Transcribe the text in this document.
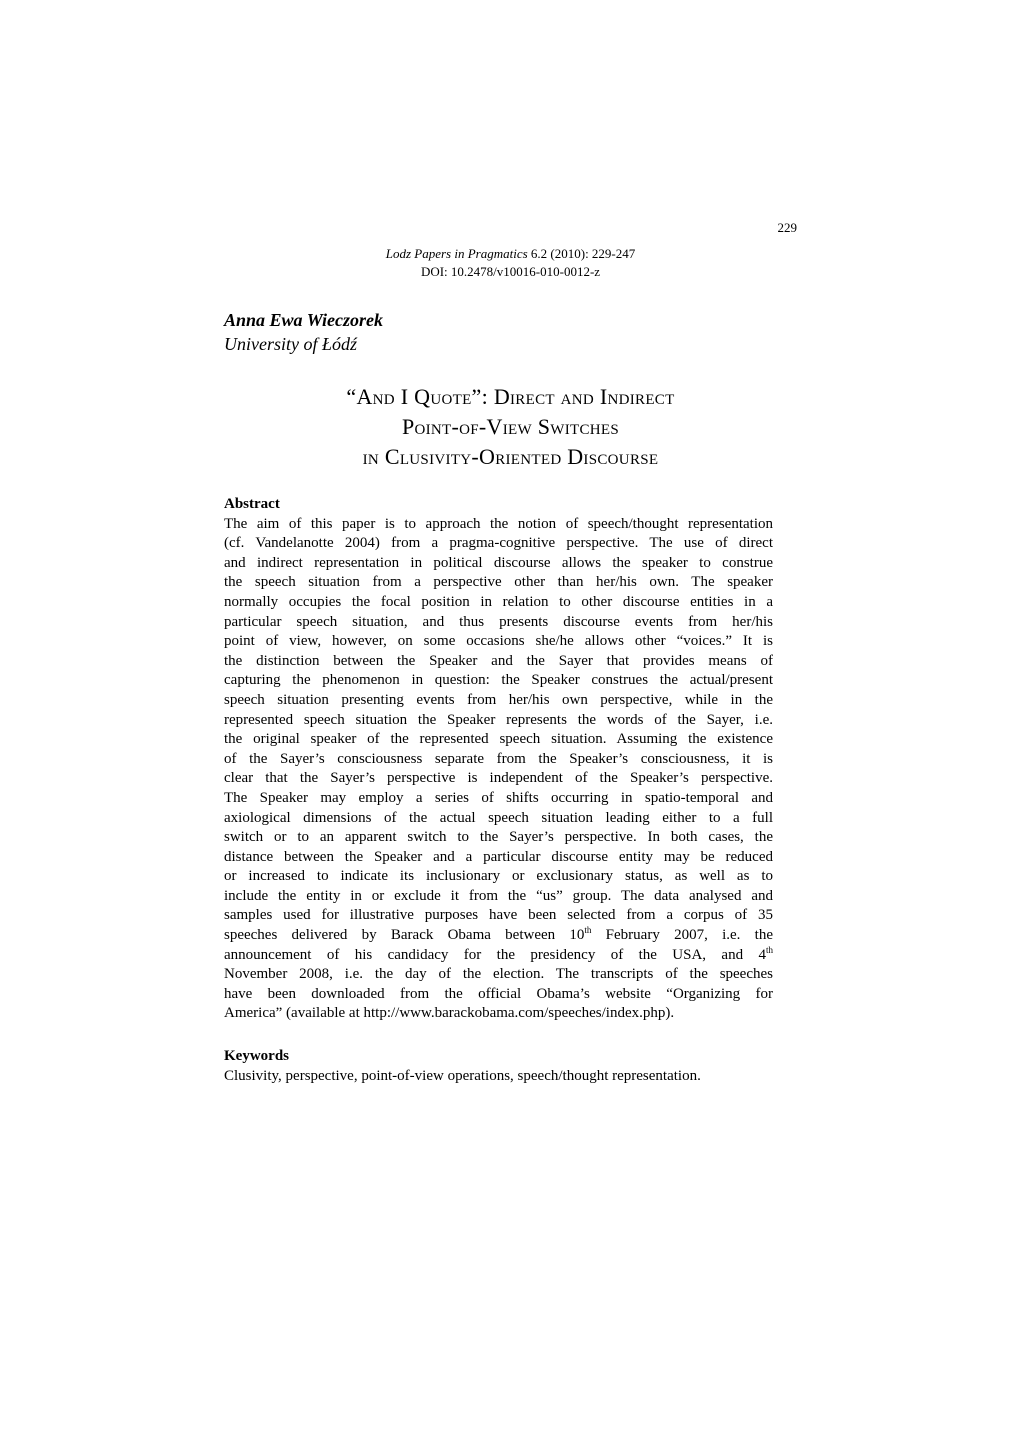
229
Lodz Papers in Pragmatics 6.2 (2010): 229-247
DOI: 10.2478/v10016-010-0012-z
Anna Ewa Wieczorek
University of Łódź
“And I Quote”: Direct and Indirect
Point-of-View Switches
in Clusivity-Oriented Discourse
Abstract
The aim of this paper is to approach the notion of speech/thought representation
(cf. Vandelanotte 2004) from a pragma-cognitive perspective. The use of direct
and indirect representation in political discourse allows the speaker to construe
the speech situation from a perspective other than her/his own. The speaker
normally occupies the focal position in relation to other discourse entities in a
particular speech situation, and thus presents discourse events from her/his
point of view, however, on some occasions she/he allows other “voices.” It is
the distinction between the Speaker and the Sayer that provides means of
capturing the phenomenon in question: the Speaker construes the actual/present
speech situation presenting events from her/his own perspective, while in the
represented speech situation the Speaker represents the words of the Sayer, i.e.
the original speaker of the represented speech situation. Assuming the existence
of the Sayer’s consciousness separate from the Speaker’s consciousness, it is
clear that the Sayer’s perspective is independent of the Speaker’s perspective.
The Speaker may employ a series of shifts occurring in spatio-temporal and
axiological dimensions of the actual speech situation leading either to a full
switch or to an apparent switch to the Sayer’s perspective. In both cases, the
distance between the Speaker and a particular discourse entity may be reduced
or increased to indicate its inclusionary or exclusionary status, as well as to
include the entity in or exclude it from the “us” group. The data analysed and
samples used for illustrative purposes have been selected from a corpus of 35
speeches delivered by Barack Obama between 10th February 2007, i.e. the
announcement of his candidacy for the presidency of the USA, and 4th
November 2008, i.e. the day of the election. The transcripts of the speeches
have been downloaded from the official Obama’s website “Organizing for
America” (available at http://www.barackobama.com/speeches/index.php).
Keywords
Clusivity, perspective, point-of-view operations, speech/thought representation.
